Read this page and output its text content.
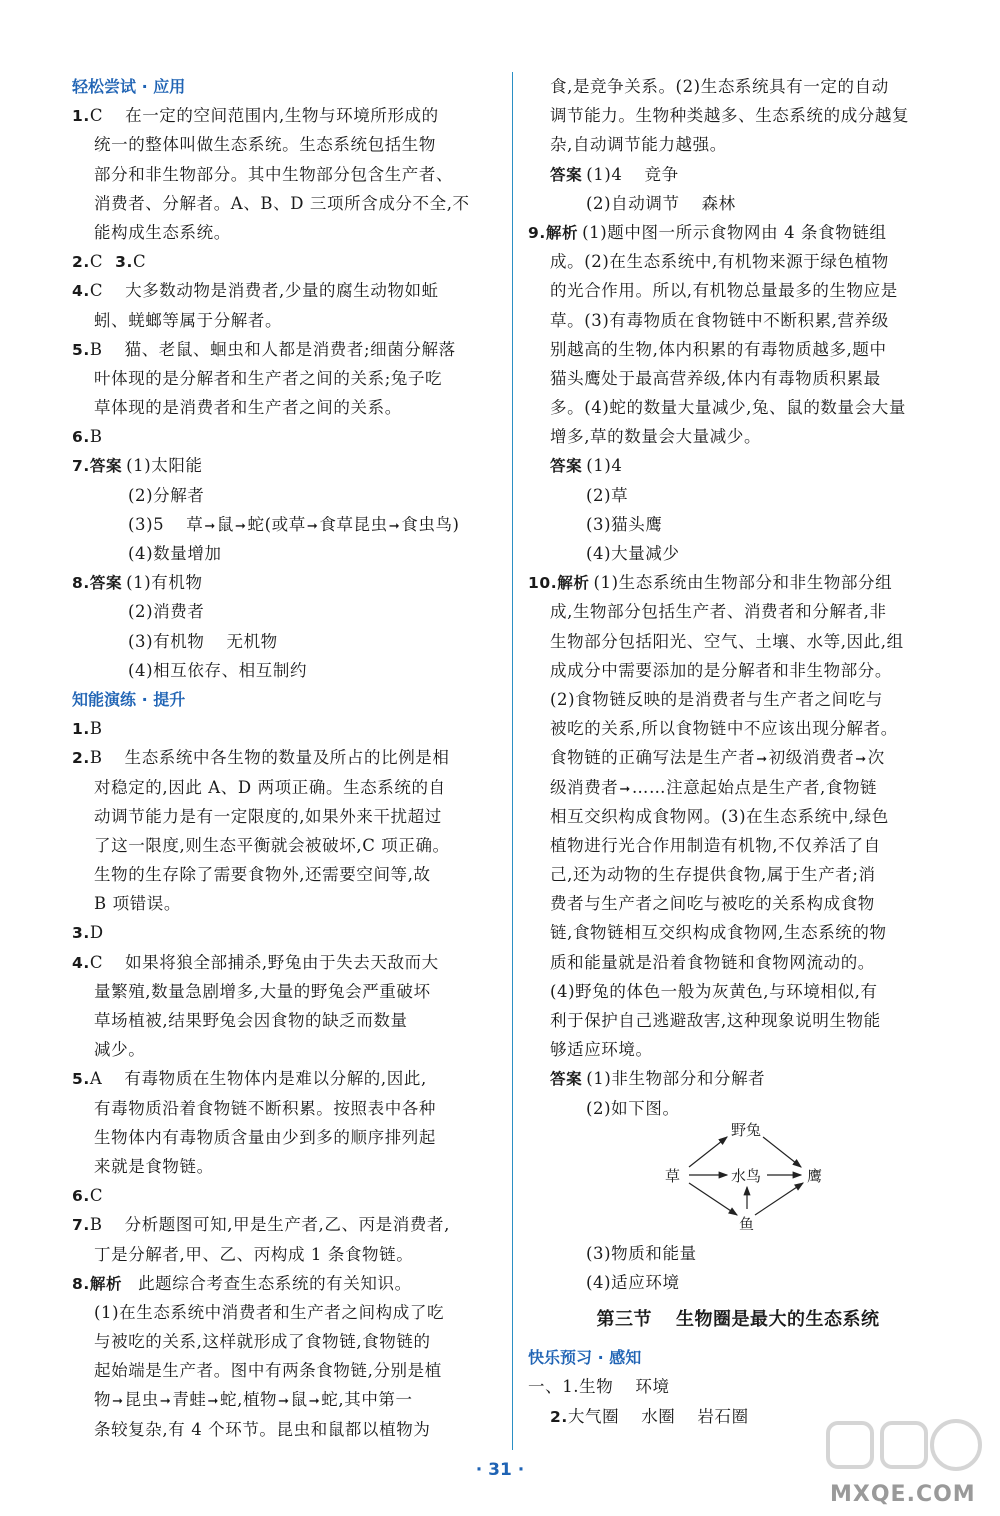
轻松尝试 · 应用
1.C 在一定的空间范围内,生物与环境所形成的
统一的整体叫做生态系统。生态系统包括生物
部分和非生物部分。其中生物部分包含生产者、
消费者、分解者。A、B、D 三项所含成分不全,不
能构成生态系统。
2.C 3.C
4.C 大多数动物是消费者,少量的腐生动物如蚯
蚓、蜣螂等属于分解者。
5.B 猫、老鼠、蛔虫和人都是消费者;细菌分解落
叶体现的是分解者和生产者之间的关系;兔子吃
草体现的是消费者和生产者之间的关系。
6.B
7.答案 (1)太阳能
(2)分解者
(3)5 草➞鼠➞蛇(或草➞食草昆虫➞食虫鸟)
(4)数量增加
8.答案 (1)有机物
(2)消费者
(3)有机物 无机物
(4)相互依存、相互制约
知能演练 · 提升
1.B
2.B 生态系统中各生物的数量及所占的比例是相
对稳定的,因此 A、D 两项正确。生态系统的自
动调节能力是有一定限度的,如果外来干扰超过
了这一限度,则生态平衡就会被破坏,C 项正确。
生物的生存除了需要食物外,还需要空间等,故
B 项错误。
3.D
4.C 如果将狼全部捕杀,野兔由于失去天敌而大
量繁殖,数量急剧增多,大量的野兔会严重破坏
草场植被,结果野兔会因食物的缺乏而数量
减少。
5.A 有毒物质在生物体内是难以分解的,因此,
有毒物质沿着食物链不断积累。按照表中各种
生物体内有毒物质含量由少到多的顺序排列起
来就是食物链。
6.C
7.B 分析题图可知,甲是生产者,乙、丙是消费者,
丁是分解者,甲、乙、丙构成 1 条食物链。
8.解析 此题综合考查生态系统的有关知识。
(1)在生态系统中消费者和生产者之间构成了吃
与被吃的关系,这样就形成了食物链,食物链的
起始端是生产者。图中有两条食物链,分别是植
物➞昆虫➞青蛙➞蛇,植物➞鼠➞蛇,其中第一
条较复杂,有 4 个环节。昆虫和鼠都以植物为
食,是竞争关系。(2)生态系统具有一定的自动
调节能力。生物种类越多、生态系统的成分越复
杂,自动调节能力越强。
答案 (1)4 竞争
(2)自动调节 森林
9.解析 (1)题中图一所示食物网由 4 条食物链组
成。(2)在生态系统中,有机物来源于绿色植物
的光合作用。所以,有机物总量最多的生物应是
草。(3)有毒物质在食物链中不断积累,营养级
别越高的生物,体内积累的有毒物质越多,题中
猫头鹰处于最高营养级,体内有毒物质积累最
多。(4)蛇的数量大量减少,兔、鼠的数量会大量
增多,草的数量会大量减少。
答案 (1)4
(2)草
(3)猫头鹰
(4)大量减少
10.解析 (1)生态系统由生物部分和非生物部分组
成,生物部分包括生产者、消费者和分解者,非
生物部分包括阳光、空气、土壤、水等,因此,组
成成分中需要添加的是分解者和非生物部分。
(2)食物链反映的是消费者与生产者之间吃与
被吃的关系,所以食物链中不应该出现分解者。
食物链的正确写法是生产者➞初级消费者➞次
级消费者➞……注意起始点是生产者,食物链
相互交织构成食物网。(3)在生态系统中,绿色
植物进行光合作用制造有机物,不仅养活了自
己,还为动物的生存提供食物,属于生产者;消
费者与生产者之间吃与被吃的关系构成食物
链,食物链相互交织构成食物网,生态系统的物
质和能量就是沿着食物链和食物网流动的。
(4)野兔的体色一般为灰黄色,与环境相似,有
利于保护自己逃避敌害,这种现象说明生物能
够适应环境。
答案 (1)非生物部分和分解者
(2)如下图。
(3)物质和能量
(4)适应环境
第三节 生物圈是最大的生态系统
快乐预习 · 感知
一、1.生物 环境
2.大气圈 水圈 岩石圈
野兔
草	水鸟	鹰
鱼
· 31 ·
MXQE.COM
